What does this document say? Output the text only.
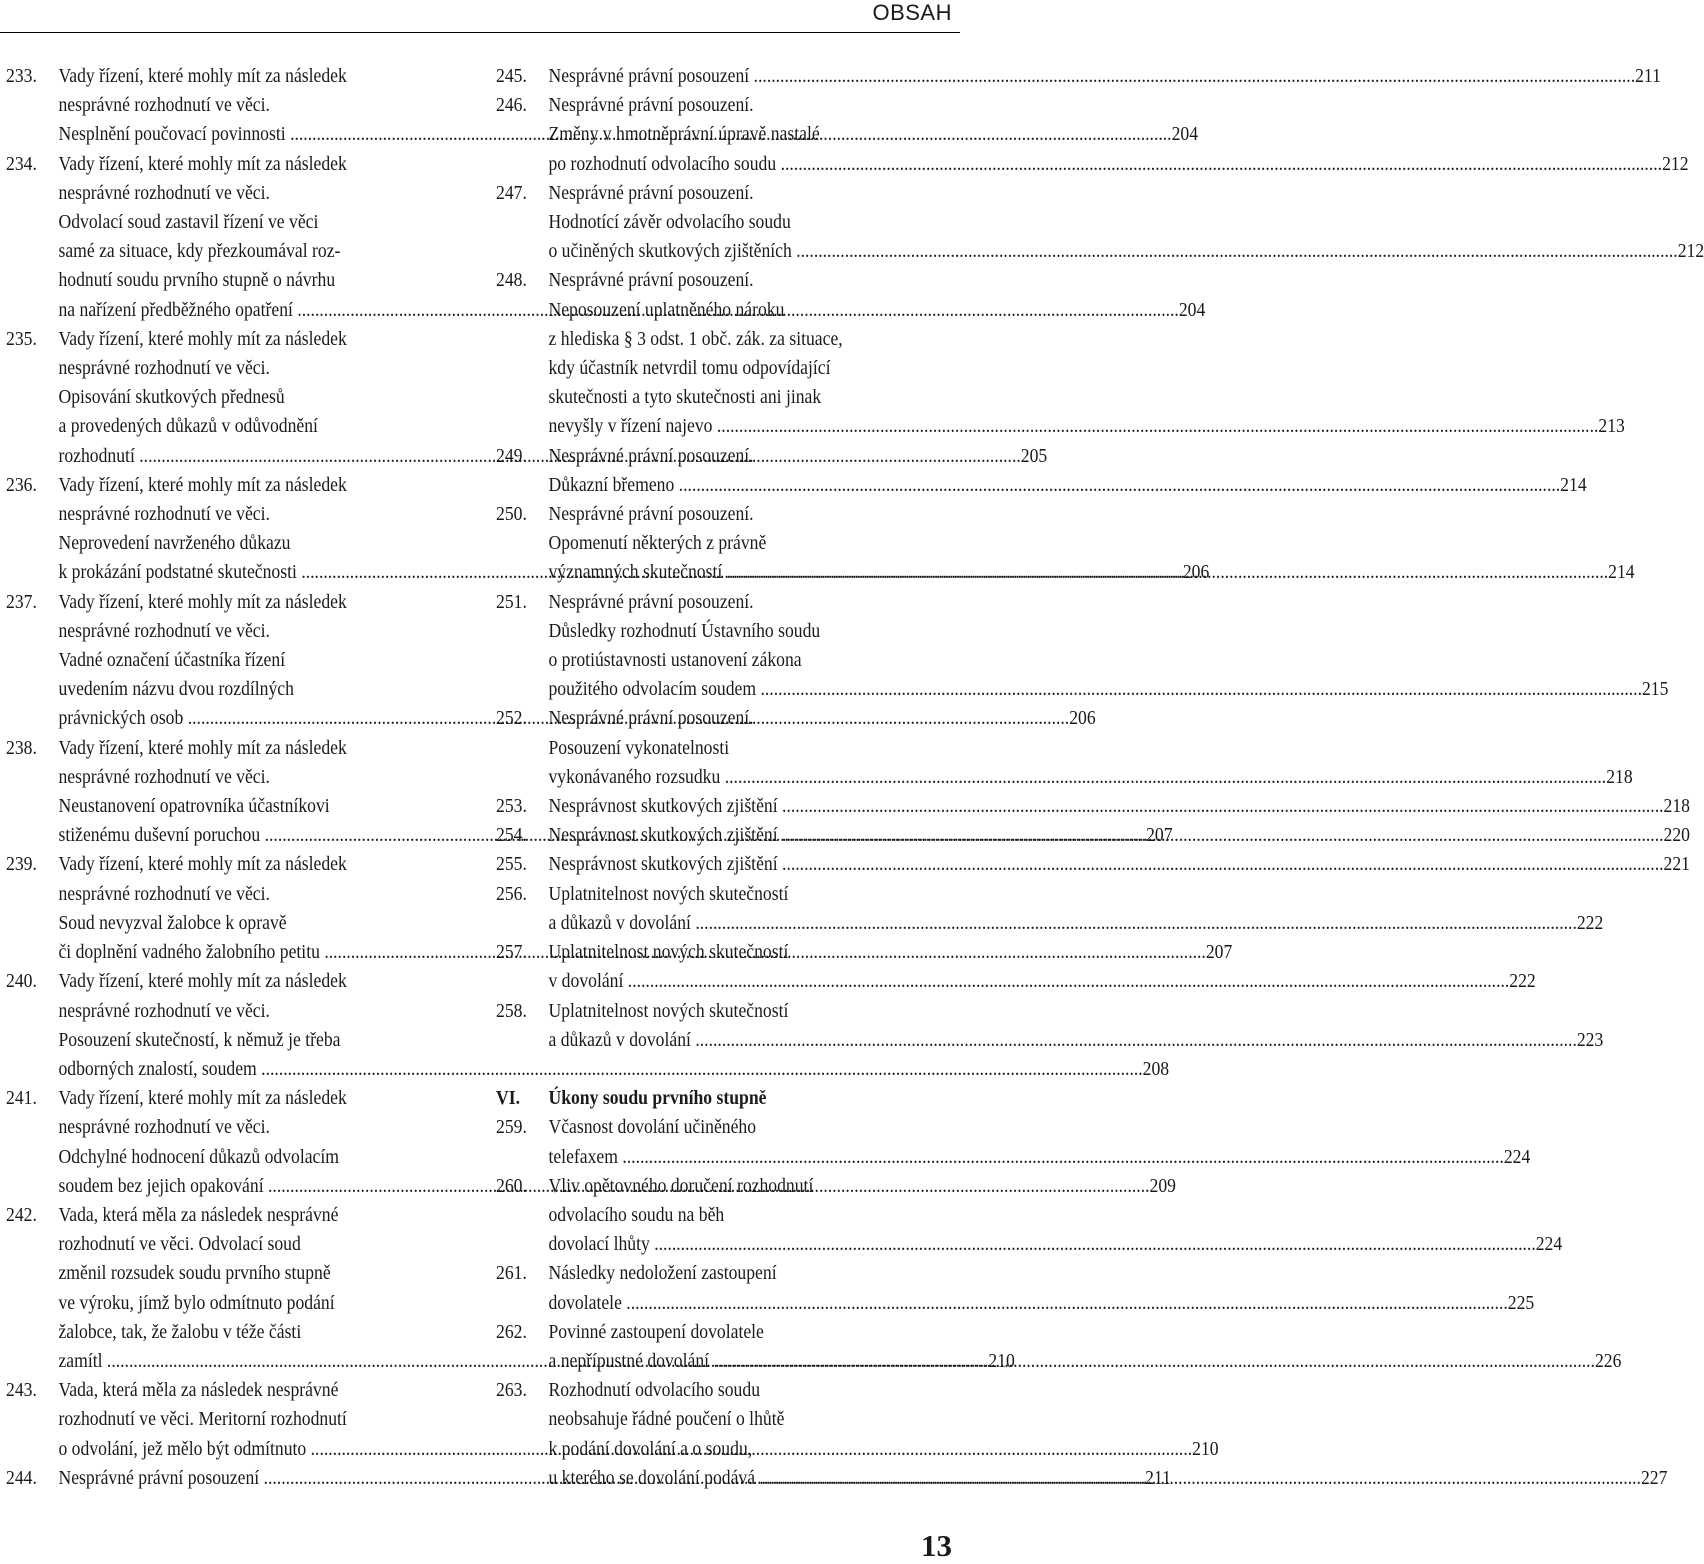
OBSAH
233.	Vady řízení, které mohly mít za následek
nesprávné rozhodnutí ve věci.
Nesplnění poučovací povinnosti .....	204
234.	Vady řízení, které mohly mít za následek
nesprávné rozhodnutí ve věci.
Odvolací soud zastavil řízení ve věci
samé za situace, kdy přezkoumával roz-
hodnutí soudu prvního stupně o návrhu
na nařízení předběžného opatření .....	204
235.	Vady řízení, které mohly mít za následek
nesprávné rozhodnutí ve věci.
Opisování skutkových přednesů
a provedených důkazů v odůvodnění
rozhodnutí .....	205
236.	Vady řízení, které mohly mít za následek
nesprávné rozhodnutí ve věci.
Neprovedení navrženého důkazu
k prokázání podstatné skutečnosti .....	206
237.	Vady řízení, které mohly mít za následek
nesprávné rozhodnutí ve věci.
Vadné označení účastníka řízení
uvedením názvu dvou rozdílných
právnických osob .....	206
238.	Vady řízení, které mohly mít za následek
nesprávné rozhodnutí ve věci.
Neustanovení opatrovníka účastníkovi
stiženému duševní poruchou .....	207
239.	Vady řízení, které mohly mít za následek
nesprávné rozhodnutí ve věci.
Soud nevyzval žalobce k opravě
či doplnění vadného žalobního petitu .....	207
240.	Vady řízení, které mohly mít za následek
nesprávné rozhodnutí ve věci.
Posouzení skutečností, k němuž je třeba
odborných znalostí, soudem .....	208
241.	Vady řízení, které mohly mít za následek
nesprávné rozhodnutí ve věci.
Odchylné hodnocení důkazů odvolacím
soudem bez jejich opakování .....	209
242.	Vada, která měla za následek nesprávné
rozhodnutí ve věci. Odvolací soud
změnil rozsudek soudu prvního stupně
ve výroku, jímž bylo odmítnuto podání
žalobce, tak, že žalobu v téže části
zamítl .....	210
243.	Vada, která měla za následek nesprávné
rozhodnutí ve věci. Meritorní rozhodnutí
o odvolání, jež mělo být odmítnuto .....	210
244.	Nesprávné právní posouzení .....	211
245.	Nesprávné právní posouzení .....	211
246.	Nesprávné právní posouzení.
Změny v hmotněprávní úpravě nastalé
po rozhodnutí odvolacího soudu .....	212
247.	Nesprávné právní posouzení.
Hodnotící závěr odvolacího soudu
o učiněných skutkových zjištěních .....	212
248.	Nesprávné právní posouzení.
Neposouzení uplatněného nároku
z hlediska § 3 odst. 1 obč. zák. za situace,
kdy účastník netvrdil tomu odpovídající
skutečnosti a tyto skutečnosti ani jinak
nevyšly v řízení najevo .....	213
249.	Nesprávné právní posouzení.
Důkazní břemeno .....	214
250.	Nesprávné právní posouzení.
Opomenutí některých z právně
významných skutečností .....	214
251.	Nesprávné právní posouzení.
Důsledky rozhodnutí Ústavního soudu
o protiústavnosti ustanovení zákona
použitého odvolacím soudem .....	215
252.	Nesprávné právní posouzení.
Posouzení vykonatelnosti
vykonávaného rozsudku .....	218
253.	Nesprávnost skutkových zjištění .....	218
254.	Nesprávnost skutkových zjištění .....	220
255.	Nesprávnost skutkových zjištění .....	221
256.	Uplatnitelnost nových skutečností
a důkazů v dovolání .....	222
257.	Uplatnitelnost nových skutečností
v dovolání .....	222
258.	Uplatnitelnost nových skutečností
a důkazů v dovolání .....	223
VI.	Úkony soudu prvního stupně
259.	Včasnost dovolání učiněného
telefaxem .....	224
260.	Vliv opětovného doručení rozhodnutí
odvolacího soudu na běh
dovolací lhůty .....	224
261.	Následky nedoložení zastoupení
dovolatele .....	225
262.	Povinné zastoupení dovolatele
a nepřípustné dovolání .....	226
263.	Rozhodnutí odvolacího soudu
neobsahuje řádné poučení o lhůtě
k podání dovolání a o soudu,
u kterého se dovolání podává .....	227
13
